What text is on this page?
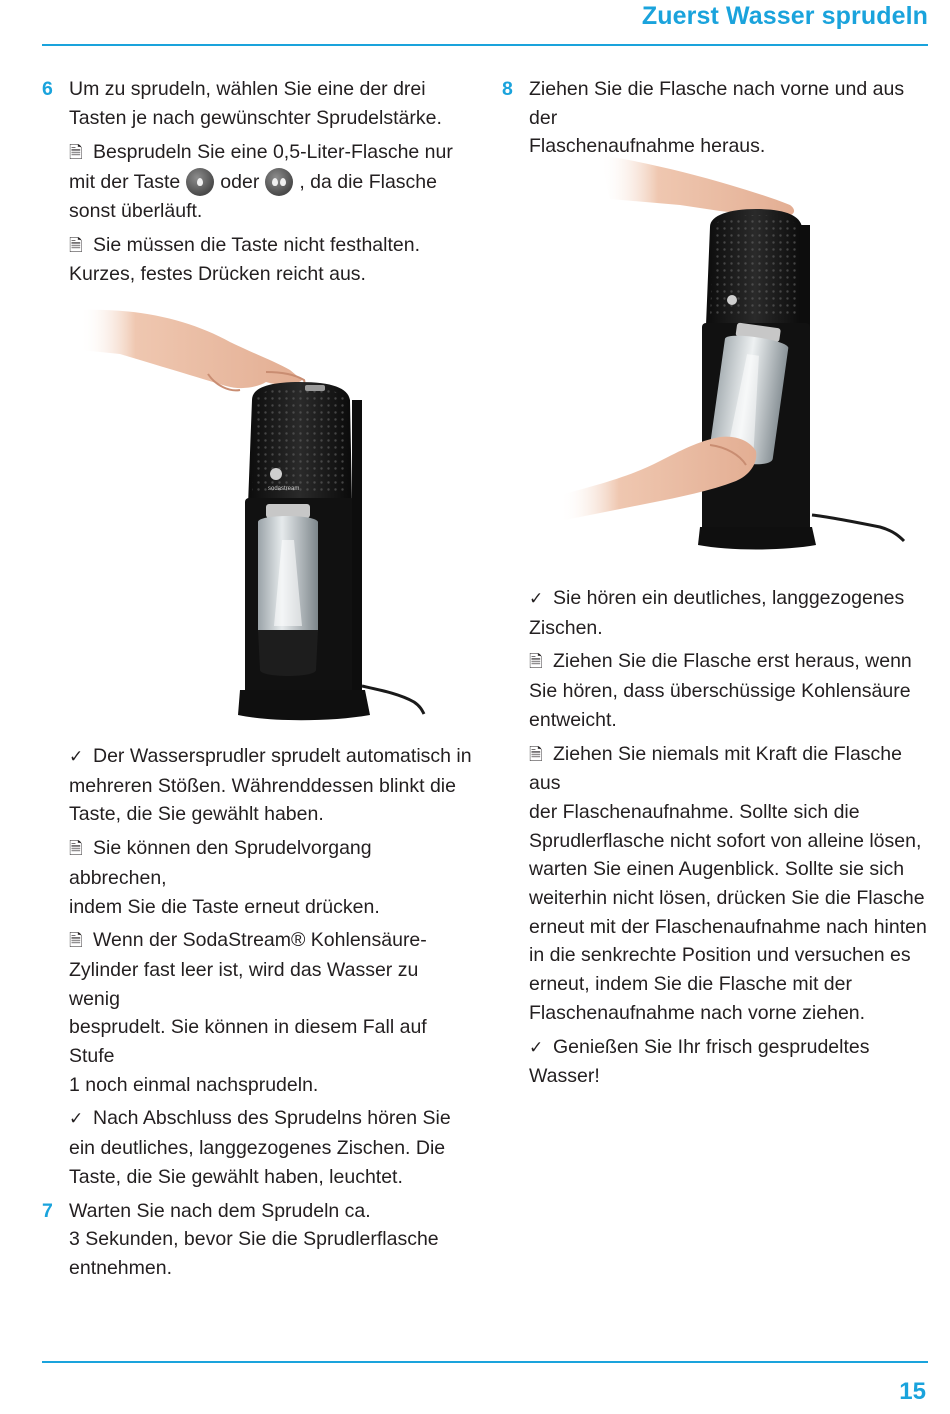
Zuerst Wasser sprudeln
6 Um zu sprudeln, wählen Sie eine der drei
Tasten je nach gewünschter Sprudelstärke.
🗎 Besprudeln Sie eine 0,5-Liter-Flasche nur
mit der Taste oder , da die Flasche
sonst überläuft.
🗎 Sie müssen die Taste nicht festhalten.
Kurzes, festes Drücken reicht aus.
sodastream
✓ Der Wassersprudler sprudelt automatisch in
mehreren Stößen. Währenddessen blinkt die
Taste, die Sie gewählt haben.
🗎 Sie können den Sprudelvorgang abbrechen,
indem Sie die Taste erneut drücken.
🗎 Wenn der SodaStream® Kohlensäure-
Zylinder fast leer ist, wird das Wasser zu wenig
besprudelt. Sie können in diesem Fall auf Stufe
1 noch einmal nachsprudeln.
✓ Nach Abschluss des Sprudelns hören Sie
ein deutliches, langgezogenes Zischen. Die
Taste, die Sie gewählt haben, leuchtet.
7 Warten Sie nach dem Sprudeln ca.
3 Sekunden, bevor Sie die Sprudlerflasche
entnehmen.
8 Ziehen Sie die Flasche nach vorne und aus der
Flaschenaufnahme heraus.
✓ Sie hören ein deutliches, langgezogenes
Zischen.
🗎 Ziehen Sie die Flasche erst heraus, wenn
Sie hören, dass überschüssige Kohlensäure
entweicht.
🗎 Ziehen Sie niemals mit Kraft die Flasche aus
der Flaschenaufnahme. Sollte sich die
Sprudlerflasche nicht sofort von alleine lösen,
warten Sie einen Augenblick. Sollte sie sich
weiterhin nicht lösen, drücken Sie die Flasche
erneut mit der Flaschenaufnahme nach hinten
in die senkrechte Position und versuchen es
erneut, indem Sie die Flasche mit der
Flaschenaufnahme nach vorne ziehen.
✓ Genießen Sie Ihr frisch gesprudeltes
Wasser!
15
